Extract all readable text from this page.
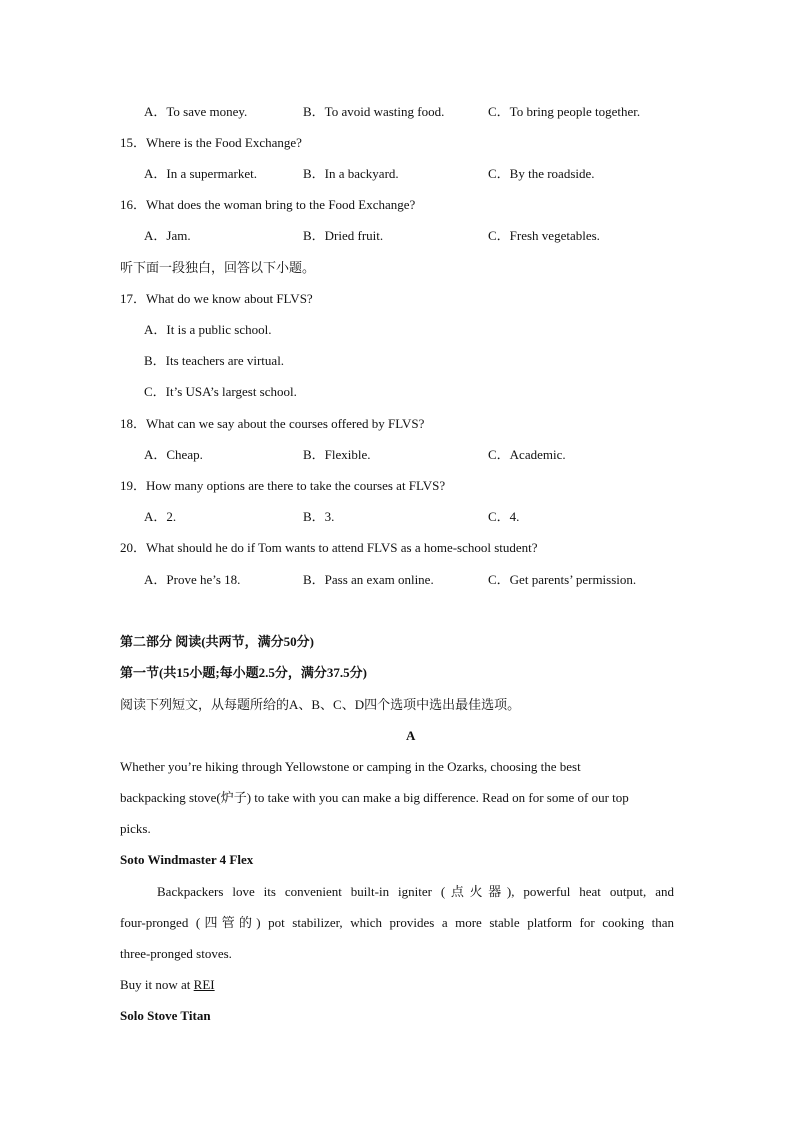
A．To save money.	B．To avoid wasting food.	C．To bring people together.
15．Where is the Food Exchange?
A．In a supermarket.	B．In a backyard.	C．By the roadside.
16．What does the woman bring to the Food Exchange?
A．Jam.	B．Dried fruit.	C．Fresh vegetables.
听下面一段独白，回答以下小题。
17．What do we know about FLVS?
A．It is a public school.
B．Its teachers are virtual.
C．It’s USA’s largest school.
18．What can we say about the courses offered by FLVS?
A．Cheap.	B．Flexible.	C．Academic.
19．How many options are there to take the courses at FLVS?
A．2.	B．3.	C．4.
20．What should he do if Tom wants to attend FLVS as a home-school student?
A．Prove he’s 18.	B．Pass an exam online.	C．Get parents’ permission.
第二部分 阅读(共两节，满分50分)
第一节(共15小题;每小题2.5分，满分37.5分)
阅读下列短文，从每题所给的A、B、C、D四个选项中选出最佳选项。
A
Whether you’re hiking through Yellowstone or camping in the Ozarks, choosing the best
backpacking stove(炉子) to take with you can make a big difference. Read on for some of our top
picks.
Soto Windmaster 4 Flex
Backpackers love its convenient built-in igniter (点火器), powerful heat output, and
four-pronged (四管的) pot stabilizer, which provides a more stable platform for cooking than
three-pronged stoves.
Buy it now at REI
Solo Stove Titan
